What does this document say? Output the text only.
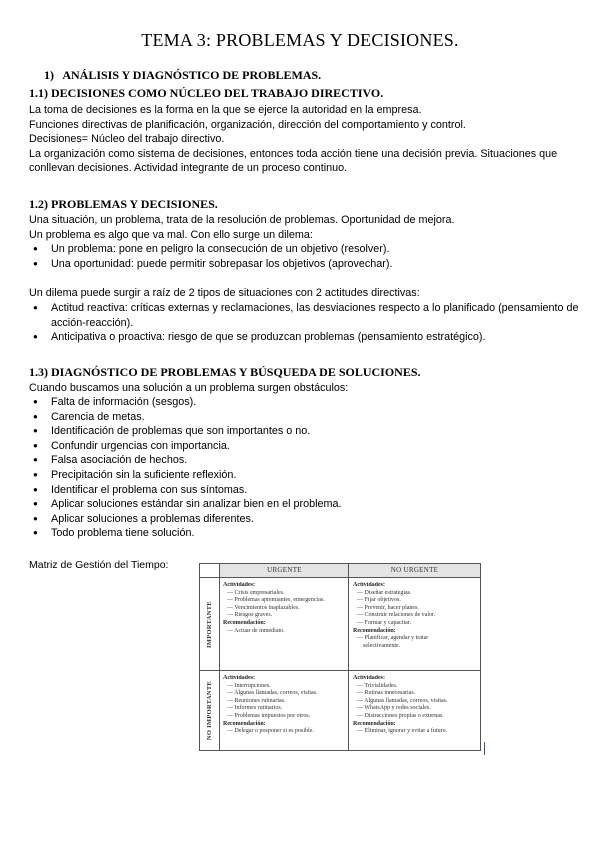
TEMA 3: PROBLEMAS Y DECISIONES.
1)   ANÁLISIS Y DIAGNÓSTICO DE PROBLEMAS.
1.1) DECISIONES COMO NÚCLEO DEL TRABAJO DIRECTIVO.
La toma de decisiones es la forma en la que se ejerce la autoridad en la empresa.
Funciones directivas de planificación, organización, dirección del comportamiento y control.
Decisiones= Núcleo del trabajo directivo.
La organización como sistema de decisiones, entonces toda acción tiene una decisión previa. Situaciones que conllevan decisiones. Actividad integrante de un proceso continuo.
1.2) PROBLEMAS Y DECISIONES.
Una situación, un problema, trata de la resolución de problemas. Oportunidad de mejora.
Un problema es algo que va mal. Con ello surge un dilema:
● Un problema: pone en peligro la consecución de un objetivo (resolver).
● Una oportunidad: puede permitir sobrepasar los objetivos (aprovechar).
Un dilema puede surgir a raíz de 2 tipos de situaciones con 2 actitudes directivas:
● Actitud reactiva: críticas externas y reclamaciones, las desviaciones respecto a lo planificado (pensamiento de acción-reacción).
● Anticipativa o proactiva: riesgo de que se produzcan problemas (pensamiento estratégico).
1.3) DIAGNÓSTICO DE PROBLEMAS Y BÚSQUEDA DE SOLUCIONES.
Cuando buscamos una solución a un problema surgen obstáculos:
● Falta de información (sesgos).
● Carencia de metas.
● Identificación de problemas que son importantes o no.
● Confundir urgencias con importancia.
● Falsa asociación de hechos.
● Precipitación sin la suficiente reflexión.
● Identificar el problema con sus síntomas.
● Aplicar soluciones estándar sin analizar bien en el problema.
● Aplicar soluciones a problemas diferentes.
● Todo problema tiene solución.
Matriz de Gestión del Tiempo:	URGENTE	NO URGENTE
IMPORTANTE
NO IMPORTANTE
Actividades:
— Crisis empresariales.
— Problemas apremiantes, emergencias.
— Vencimientos inaplazables.
— Riesgos graves.
Recomendación:
— Actuar de inmediato.
Actividades:
— Diseñar estrategias.
— Fijar objetivos.
— Prevenir, hacer planes.
— Construir relaciones de valor.
— Formar y capacitar.
Recomendación:
— Planificar, agendar y tratar
selectivamente.
Actividades:
— Interrupciones.
— Algunas llamadas, correos, visitas.
— Reuniones rutinarias.
— Informes rutinarios.
— Problemas impuestos por otros.
Recomendación:
— Delegar o posponer si es posible.
Actividades:
— Trivialidades.
— Rutinas innecesarias.
— Algunas llamadas, correos, visitas.
— WhatsApp y redes sociales.
— Distracciones propias o externas.
Recomendación:
— Eliminar, ignorar y evitar a futuro.
